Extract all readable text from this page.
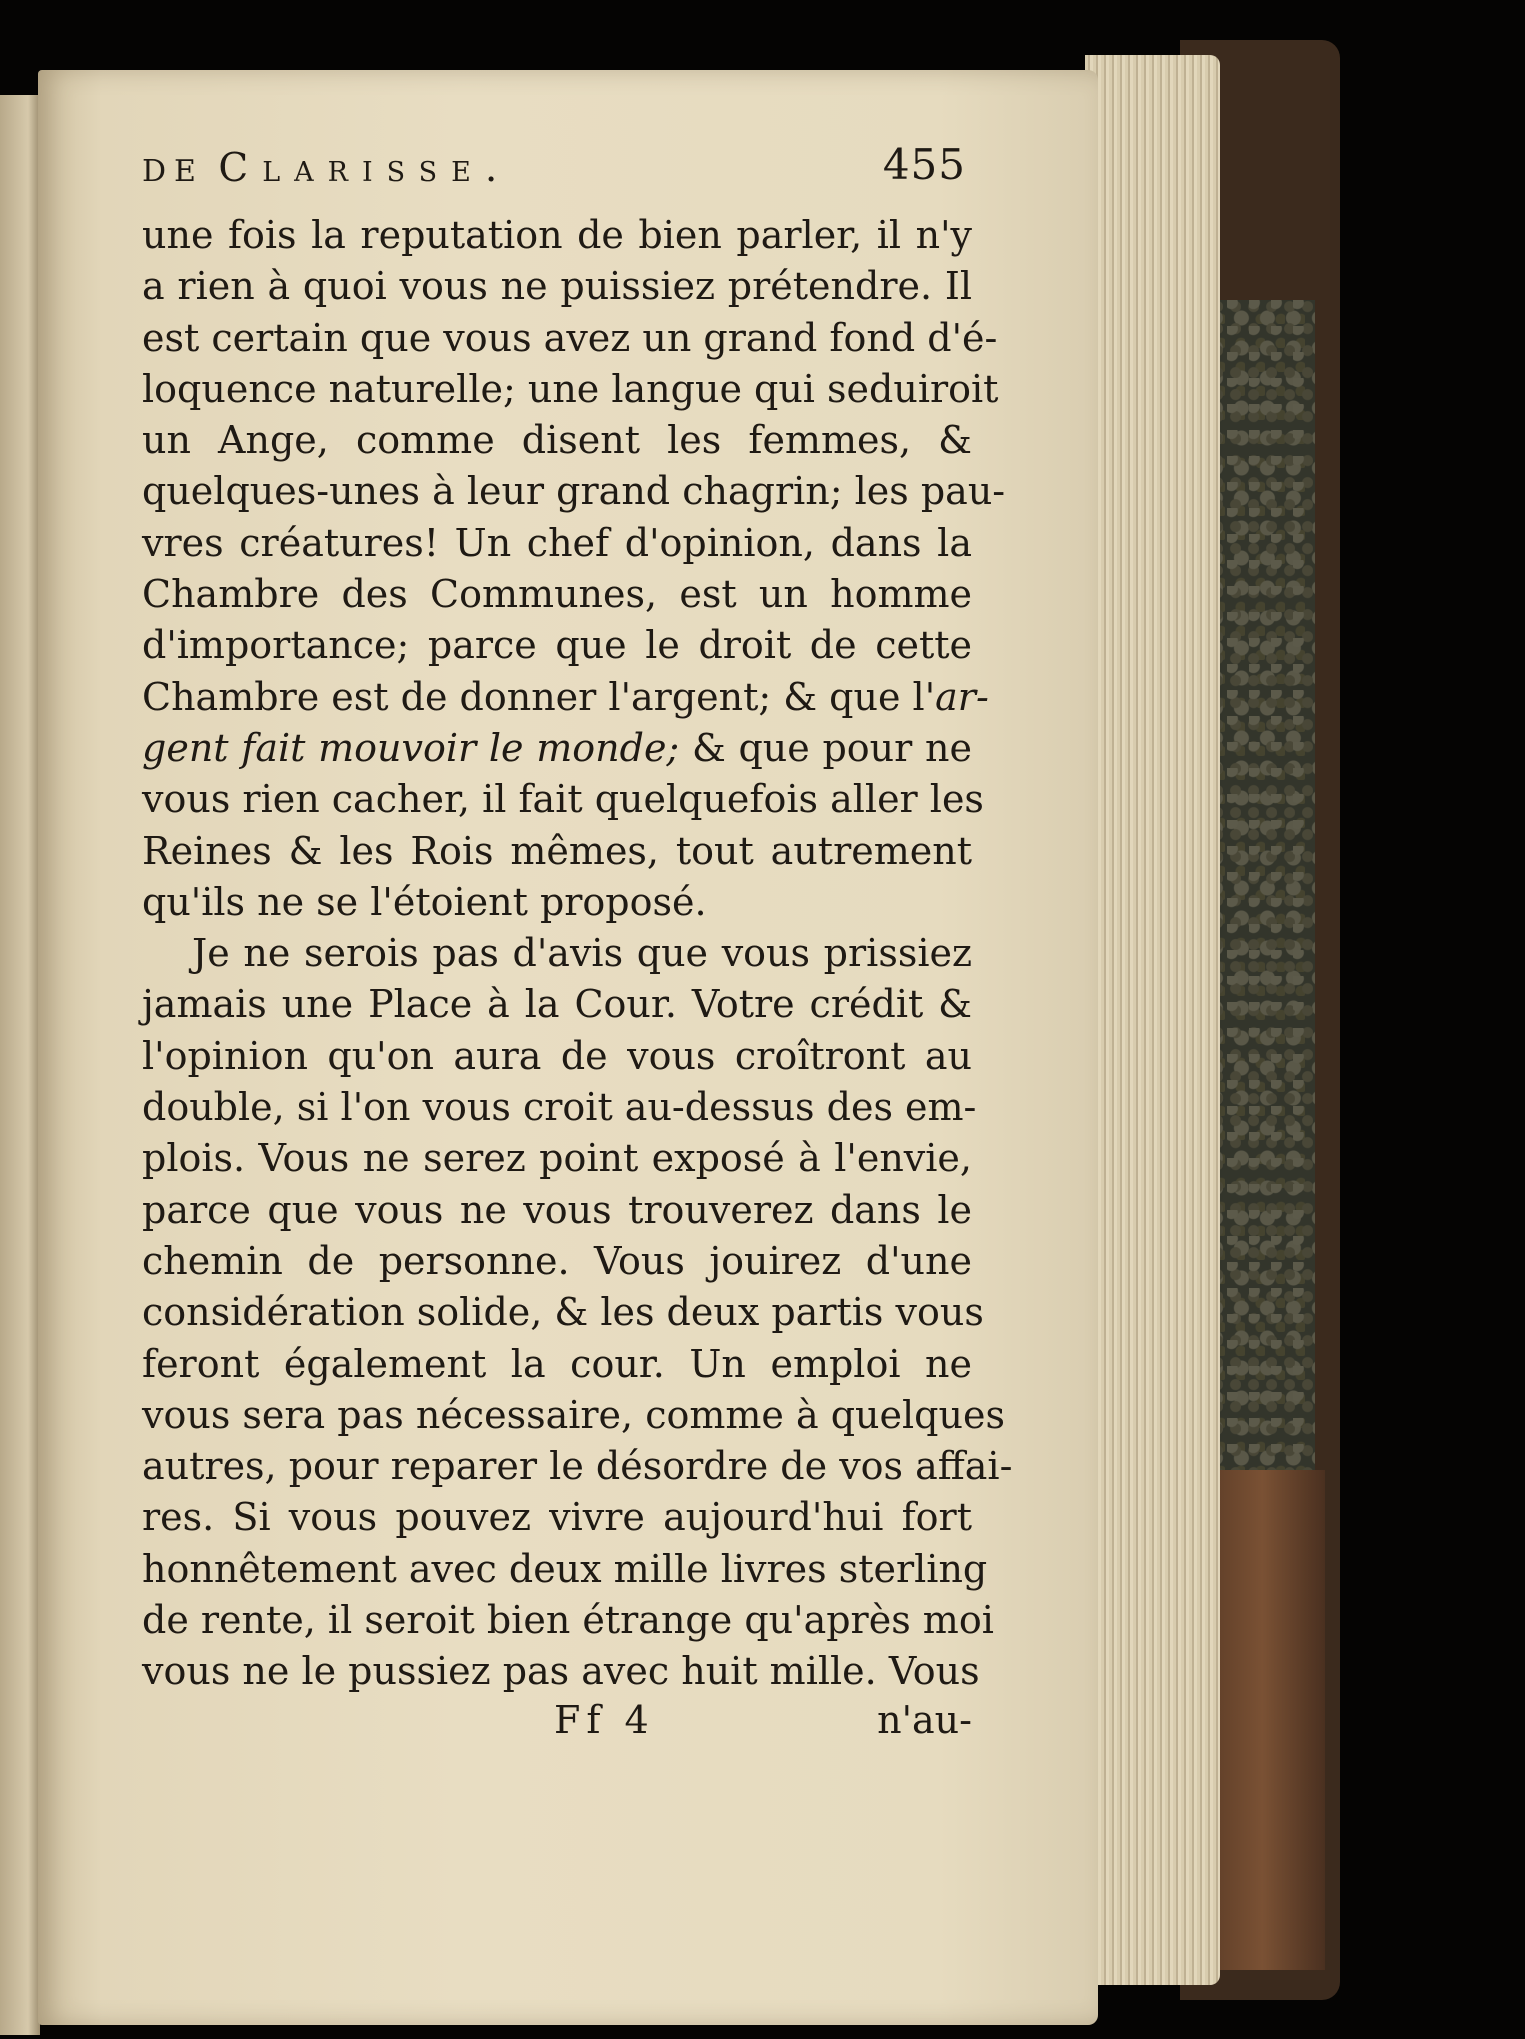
DE Clarisse.	455
une fois la reputation de bien parler, il n'y
a rien à quoi vous ne puissiez prétendre. Il
est certain que vous avez un grand fond d'é-
loquence naturelle; une langue qui seduiroit
un Ange, comme disent les femmes, &
quelques-unes à leur grand chagrin; les pau-
vres créatures! Un chef d'opinion, dans la
Chambre des Communes, est un homme
d'importance; parce que le droit de cette
Chambre est de donner l'argent; & que l'ar-
gent fait mouvoir le monde; & que pour ne
vous rien cacher, il fait quelquefois aller les
Reines & les Rois mêmes, tout autrement
qu'ils ne se l'étoient proposé.
Je ne serois pas d'avis que vous prissiez
jamais une Place à la Cour. Votre crédit &
l'opinion qu'on aura de vous croîtront au
double, si l'on vous croit au-dessus des em-
plois. Vous ne serez point exposé à l'envie,
parce que vous ne vous trouverez dans le
chemin de personne. Vous jouirez d'une
considération solide, & les deux partis vous
feront également la cour. Un emploi ne
vous sera pas nécessaire, comme à quelques
autres, pour reparer le désordre de vos affai-
res. Si vous pouvez vivre aujourd'hui fort
honnêtement avec deux mille livres sterling
de rente, il seroit bien étrange qu'après moi
vous ne le pussiez pas avec huit mille. Vous
Ff 4	n'au-
